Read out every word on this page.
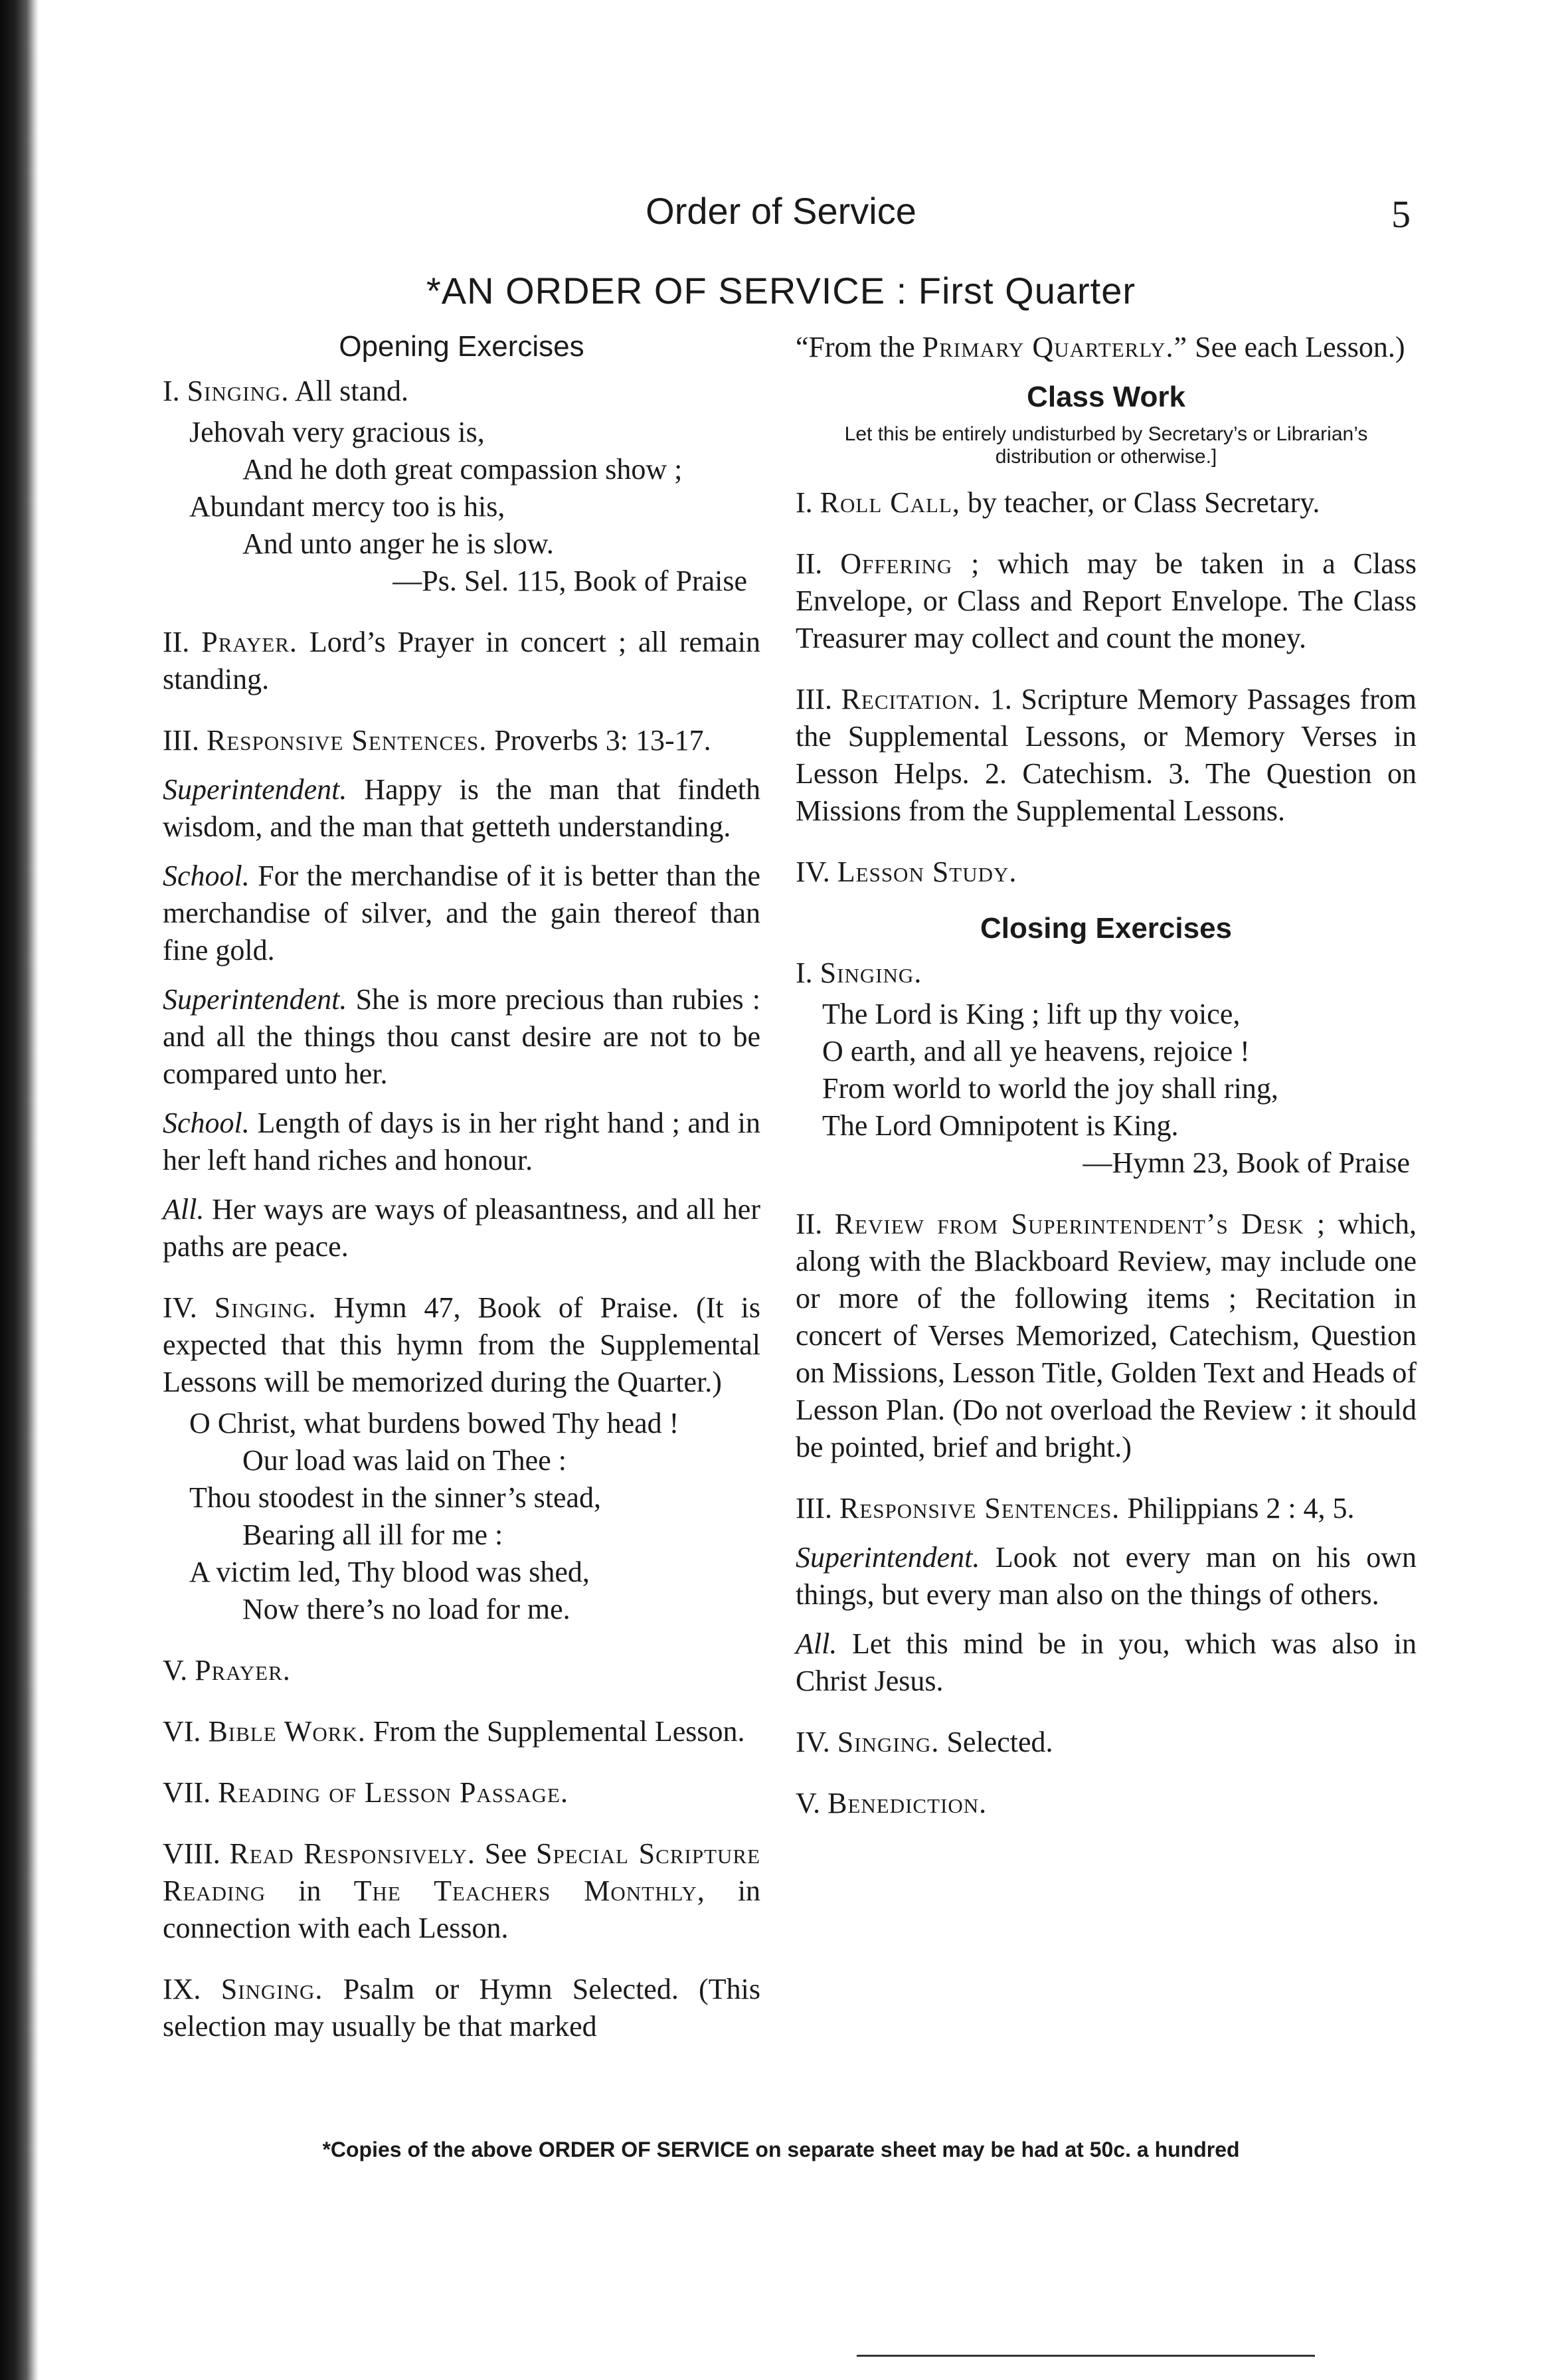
Order of Service	5
*AN ORDER OF SERVICE : First Quarter
Opening Exercises

I. Singing. All stand.

Jehovah very gracious is,
And he doth great compassion show ;
Abundant mercy too is his,
And unto anger he is slow.
—Ps. Sel. 115, Book of Praise

II. Prayer. Lord’s Prayer in concert ; all remain standing.

III. Responsive Sentences. Proverbs 3: 13-17.

Superintendent. Happy is the man that findeth wisdom, and the man that getteth understanding.

School. For the merchandise of it is better than the merchandise of silver, and the gain thereof than fine gold.

Superintendent. She is more precious than rubies : and all the things thou canst desire are not to be compared unto her.

School. Length of days is in her right hand ; and in her left hand riches and honour.

All. Her ways are ways of pleasantness, and all her paths are peace.

IV. Singing. Hymn 47, Book of Praise. (It is expected that this hymn from the Supplemental Lessons will be memorized during the Quarter.)

O Christ, what burdens bowed Thy head !
Our load was laid on Thee :
Thou stoodest in the sinner’s stead,
Bearing all ill for me :
A victim led, Thy blood was shed,
Now there’s no load for me.

V. Prayer.

VI. Bible Work. From the Supplemental Lesson.

VII. Reading of Lesson Passage.

VIII. Read Responsively. See Special Scripture Reading in The Teachers Monthly, in connection with each Lesson.

IX. Singing. Psalm or Hymn Selected. (This selection may usually be that marked

“From the Primary Quarterly.” See each Lesson.)

Class Work
Let this be entirely undisturbed by Secretary’s or Librarian’s distribution or otherwise.]

I. Roll Call, by teacher, or Class Secretary.

II. Offering ; which may be taken in a Class Envelope, or Class and Report Envelope. The Class Treasurer may collect and count the money.

III. Recitation. 1. Scripture Memory Passages from the Supplemental Lessons, or Memory Verses in Lesson Helps. 2. Catechism. 3. The Question on Missions from the Supplemental Lessons.

IV. Lesson Study.

Closing Exercises

I. Singing.

The Lord is King ; lift up thy voice,
O earth, and all ye heavens, rejoice !
From world to world the joy shall ring,
The Lord Omnipotent is King.
—Hymn 23, Book of Praise

II. Review from Superintendent’s Desk ; which, along with the Blackboard Review, may include one or more of the following items ; Recitation in concert of Verses Memorized, Catechism, Question on Missions, Lesson Title, Golden Text and Heads of Lesson Plan. (Do not overload the Review : it should be pointed, brief and bright.)

III. Responsive Sentences. Philippians 2 : 4, 5.

Superintendent. Look not every man on his own things, but every man also on the things of others.

All. Let this mind be in you, which was also in Christ Jesus.

IV. Singing. Selected.

V. Benediction.

*Copies of the above ORDER OF SERVICE on separate sheet may be had at 50c. a hundred
